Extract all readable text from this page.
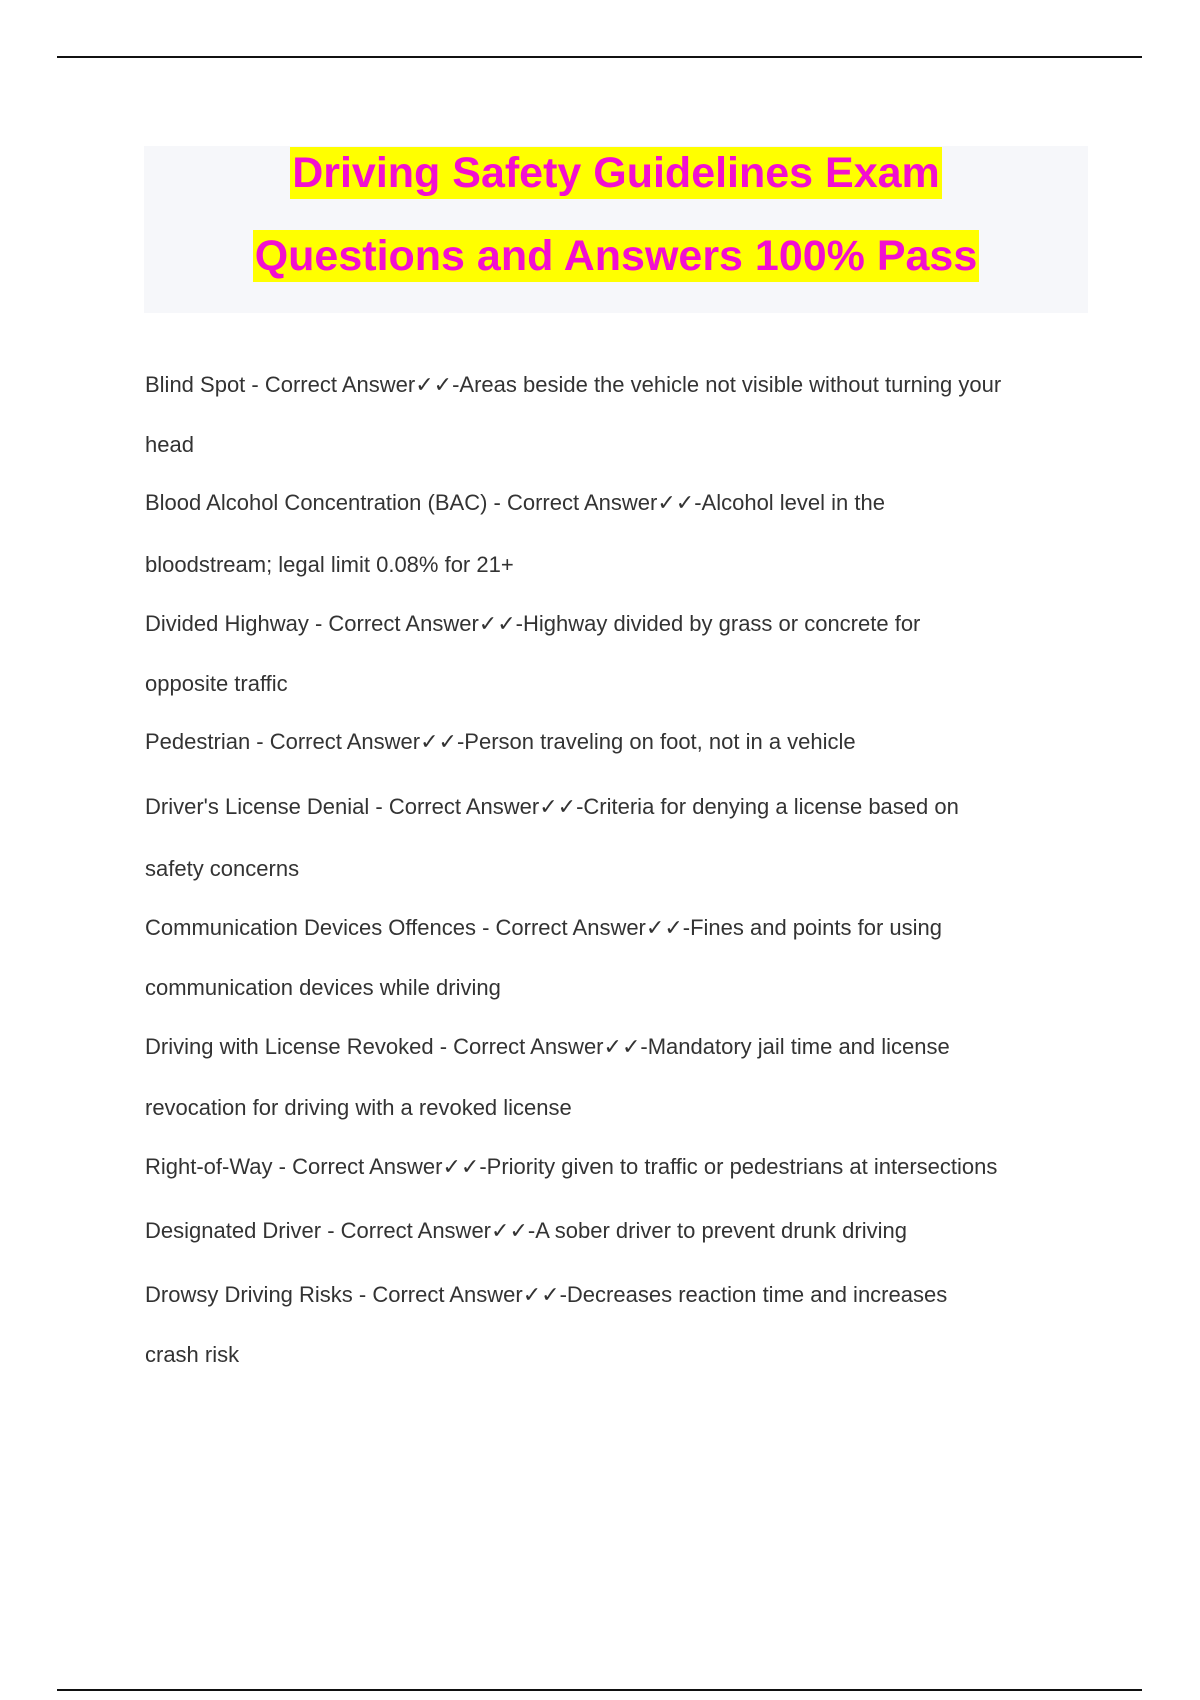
Driving Safety Guidelines Exam
Questions and Answers 100% Pass
Blind Spot - Correct Answer✓✓-Areas beside the vehicle not visible without turning your
head
Blood Alcohol Concentration (BAC) - Correct Answer✓✓-Alcohol level in the
bloodstream; legal limit 0.08% for 21+
Divided Highway - Correct Answer✓✓-Highway divided by grass or concrete for
opposite traffic
Pedestrian - Correct Answer✓✓-Person traveling on foot, not in a vehicle
Driver's License Denial - Correct Answer✓✓-Criteria for denying a license based on
safety concerns
Communication Devices Offences - Correct Answer✓✓-Fines and points for using
communication devices while driving
Driving with License Revoked - Correct Answer✓✓-Mandatory jail time and license
revocation for driving with a revoked license
Right-of-Way - Correct Answer✓✓-Priority given to traffic or pedestrians at intersections
Designated Driver - Correct Answer✓✓-A sober driver to prevent drunk driving
Drowsy Driving Risks - Correct Answer✓✓-Decreases reaction time and increases
crash risk
